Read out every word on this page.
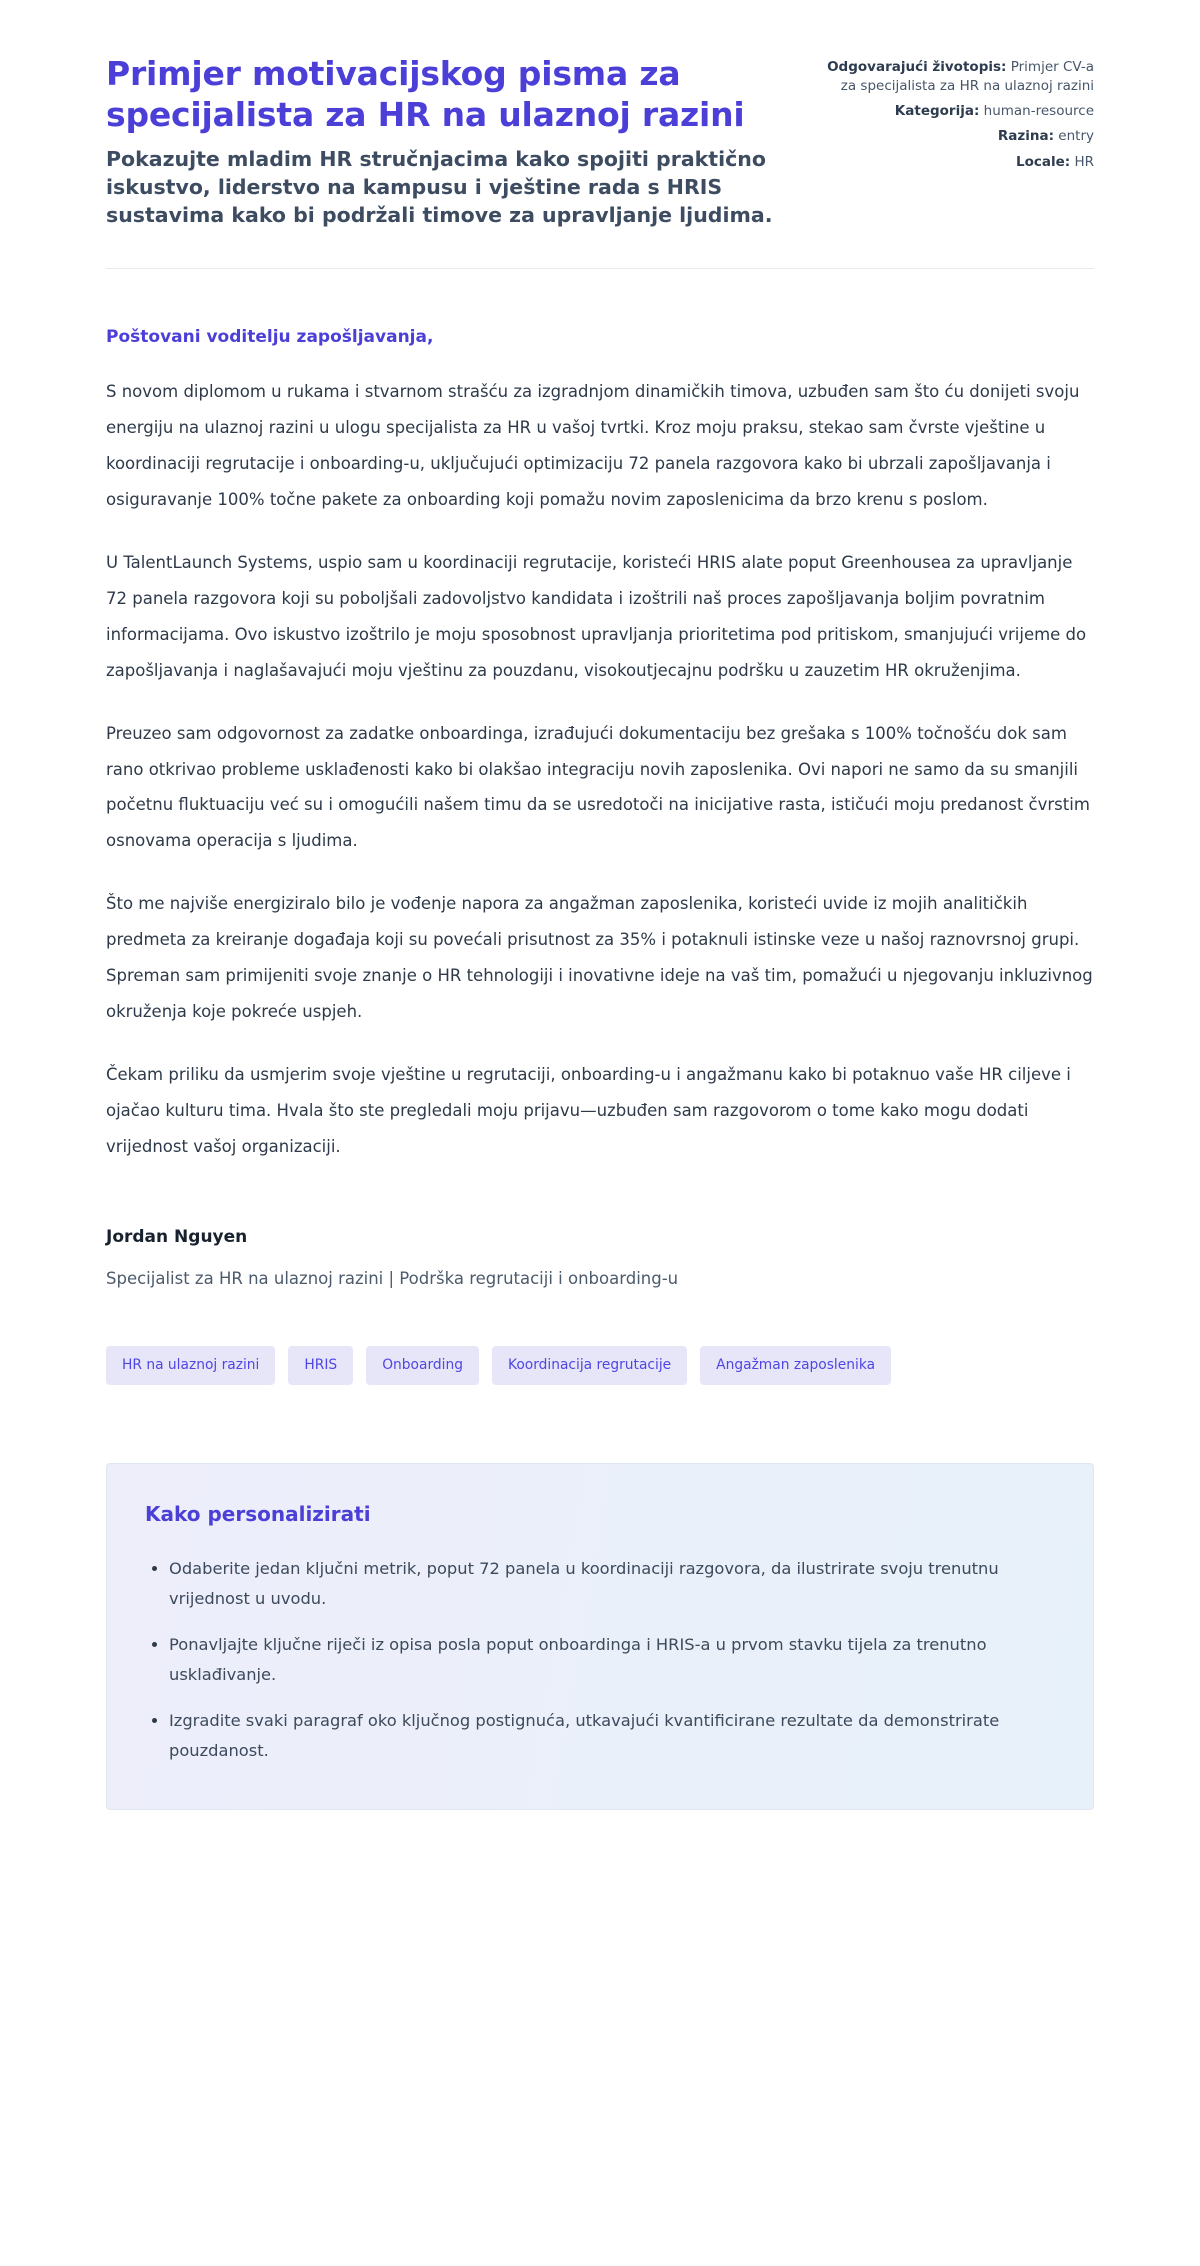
Primjer motivacijskog pisma za specijalista za HR na ulaznoj razini

Pokazujte mladim HR stručnjacima kako spojiti praktično iskustvo, liderstvo na kampusu i vještine rada s HRIS sustavima kako bi podržali timove za upravljanje ljudima.

Odgovarajući životopis: Primjer CV-a za specijalista za HR na ulaznoj razini
Kategorija: human-resource
Razina: entry
Locale: HR

Poštovani voditelju zapošljavanja,

S novom diplomom u rukama i stvarnom strašću za izgradnjom dinamičkih timova, uzbuđen sam što ću donijeti svoju energiju na ulaznoj razini u ulogu specijalista za HR u vašoj tvrtki. Kroz moju praksu, stekao sam čvrste vještine u koordinaciji regrutacije i onboarding-u, uključujući optimizaciju 72 panela razgovora kako bi ubrzali zapošljavanja i osiguravanje 100% točne pakete za onboarding koji pomažu novim zaposlenicima da brzo krenu s poslom.

U TalentLaunch Systems, uspio sam u koordinaciji regrutacije, koristeći HRIS alate poput Greenhousea za upravljanje 72 panela razgovora koji su poboljšali zadovoljstvo kandidata i izoštrili naš proces zapošljavanja boljim povratnim informacijama. Ovo iskustvo izoštrilo je moju sposobnost upravljanja prioritetima pod pritiskom, smanjujući vrijeme do zapošljavanja i naglašavajući moju vještinu za pouzdanu, visokoutjecajnu podršku u zauzetim HR okruženjima.

Preuzeo sam odgovornost za zadatke onboardinga, izrađujući dokumentaciju bez grešaka s 100% točnošću dok sam rano otkrivao probleme usklađenosti kako bi olakšao integraciju novih zaposlenika. Ovi napori ne samo da su smanjili početnu fluktuaciju već su i omogućili našem timu da se usredotoči na inicijative rasta, ističući moju predanost čvrstim osnovama operacija s ljudima.

Što me najviše energiziralo bilo je vođenje napora za angažman zaposlenika, koristeći uvide iz mojih analitičkih predmeta za kreiranje događaja koji su povećali prisutnost za 35% i potaknuli istinske veze u našoj raznovrsnoj grupi. Spreman sam primijeniti svoje znanje o HR tehnologiji i inovativne ideje na vaš tim, pomažući u njegovanju inkluzivnog okruženja koje pokreće uspjeh.

Čekam priliku da usmjerim svoje vještine u regrutaciji, onboarding-u i angažmanu kako bi potaknuo vaše HR ciljeve i ojačao kulturu tima. Hvala što ste pregledali moju prijavu—uzbuđen sam razgovorom o tome kako mogu dodati vrijednost vašoj organizaciji.

Jordan Nguyen

Specijalist za HR na ulaznoj razini | Podrška regrutaciji i onboarding-u

HR na ulaznoj razini	HRIS	Onboarding	Koordinacija regrutacije	Angažman zaposlenika
Kako personalizirati
• Odaberite jedan ključni metrik, poput 72 panela u koordinaciji razgovora, da ilustrirate svoju trenutnu vrijednost u uvodu.
• Ponavljajte ključne riječi iz opisa posla poput onboardinga i HRIS-a u prvom stavku tijela za trenutno usklađivanje.
• Izgradite svaki paragraf oko ključnog postignuća, utkavajući kvantificirane rezultate da demonstrirate pouzdanost.
